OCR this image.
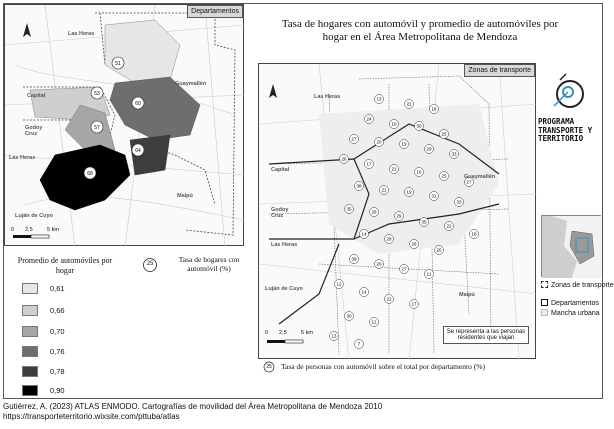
51
53
60
57
64
68
Departamentos
Las Heras
Guaymallén
Capital
Godoy Cruz
Las Heras
Luján de Cuyo
Maipú
0 2,5	5 km
Tasa de hogares con automóvil y promedio de automóviles por hogar en el Área Metropolitana de Mendoza
PROGRAMA
TRANSPORTE Y
TERRITORIO
13
22
18
24
10	30
25
27
20	19
29
33
26
17
21
16
25
27
38
21	19
31
33
35
28
29
35
22
18
14
28
26
20
39
20
27
11
12
14
22
17
30
12
13
7
Zonas de transporte
Las Heras
Guaymallén
Capital
Godoy Cruz
Las Heras
Luján de Cuyo
Maipú
0 2,5	5 km	Se representa a las personas residentes que viajan
Promedio de automóviles por hogar
0,61
0,66
0,70
0,76
0,78
0,90
25	Tasa de hogares con automóvil (%)
25 Tasa de personas con automóvil sobre el total por departamento (%)
Zonas de transporte
Departamentos
Mancha urbana
Gutiérrez, A. (2023) ATLAS ENMODO. Cartografías de movilidad del Área Metropolitana de Mendoza 2010
https://transporteterritorio.wixsite.com/pttuba/atlas
